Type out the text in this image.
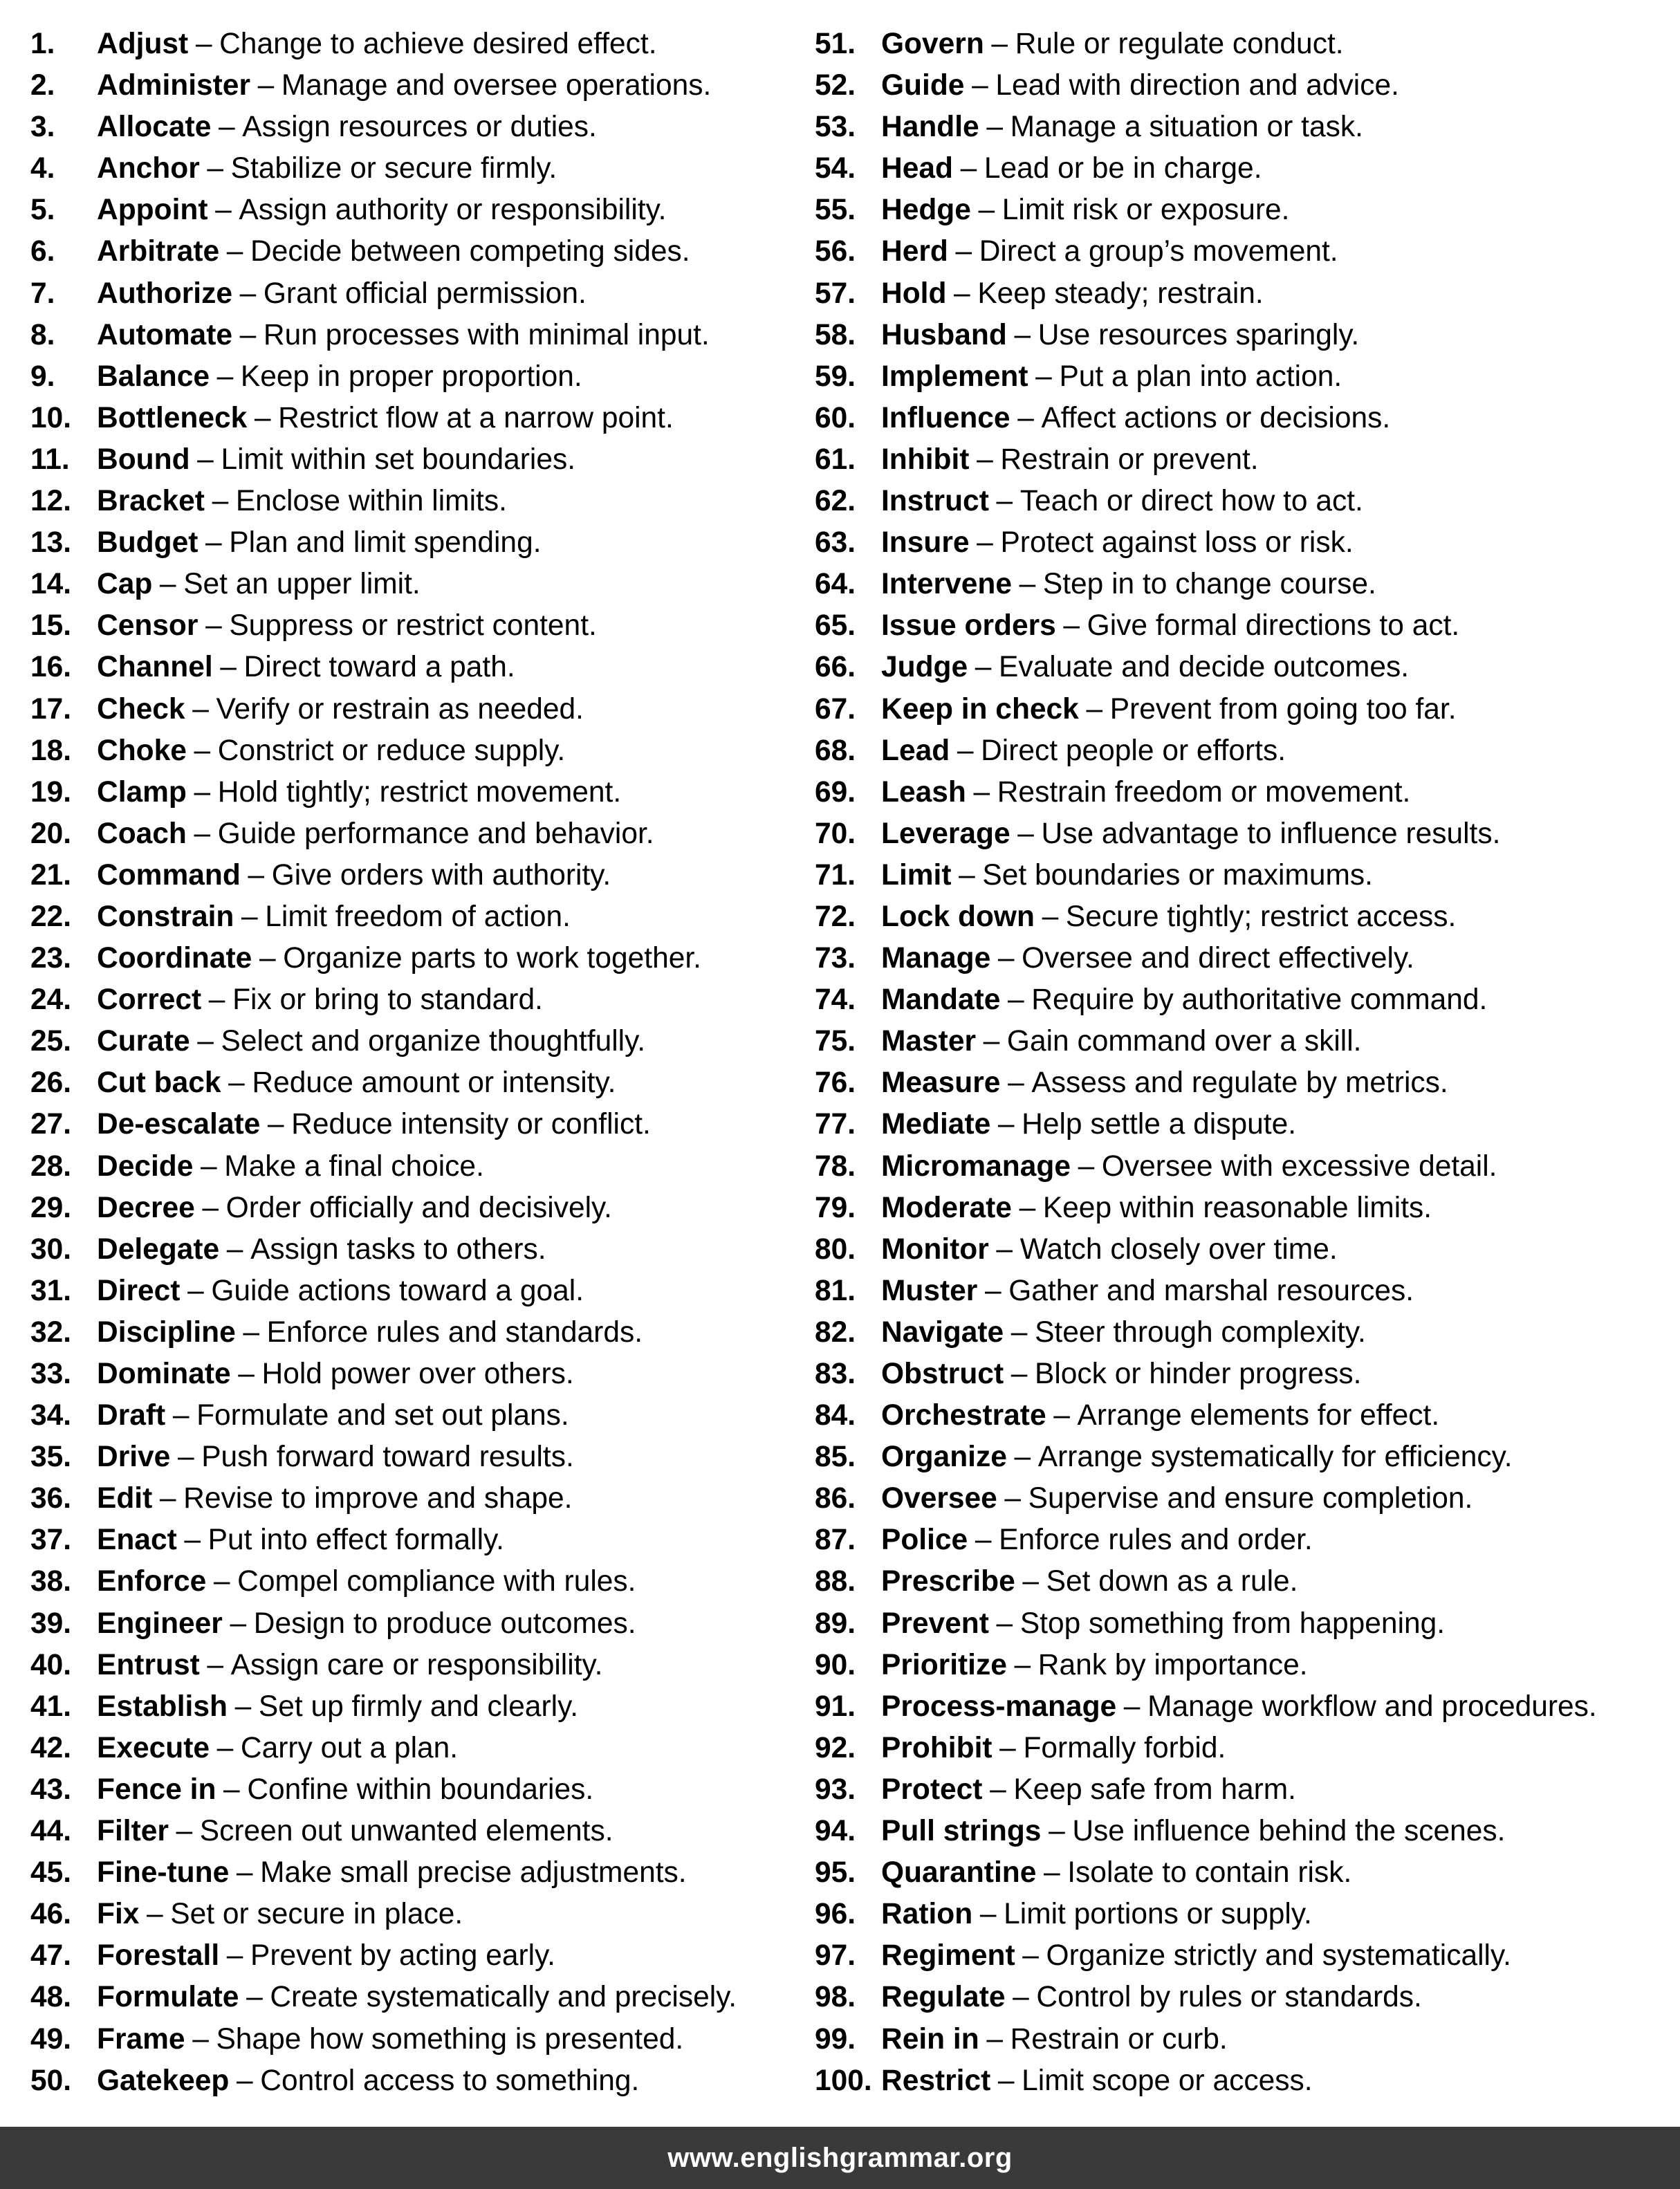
1.	Adjust – Change to achieve desired effect.
2.	Administer – Manage and oversee operations.
3.	Allocate – Assign resources or duties.
4.	Anchor – Stabilize or secure firmly.
5.	Appoint – Assign authority or responsibility.
6.	Arbitrate – Decide between competing sides.
7.	Authorize – Grant official permission.
8.	Automate – Run processes with minimal input.
9.	Balance – Keep in proper proportion.
10. Bottleneck – Restrict flow at a narrow point.
11. Bound – Limit within set boundaries.
12. Bracket – Enclose within limits.
13. Budget – Plan and limit spending.
14. Cap – Set an upper limit.
15. Censor – Suppress or restrict content.
16. Channel – Direct toward a path.
17. Check – Verify or restrain as needed.
18. Choke – Constrict or reduce supply.
19. Clamp – Hold tightly; restrict movement.
20. Coach – Guide performance and behavior.
21. Command – Give orders with authority.
22. Constrain – Limit freedom of action.
23. Coordinate – Organize parts to work together.
24. Correct – Fix or bring to standard.
25. Curate – Select and organize thoughtfully.
26. Cut back – Reduce amount or intensity.
27. De-escalate – Reduce intensity or conflict.
28. Decide – Make a final choice.
29. Decree – Order officially and decisively.
30. Delegate – Assign tasks to others.
31. Direct – Guide actions toward a goal.
32. Discipline – Enforce rules and standards.
33. Dominate – Hold power over others.
34. Draft – Formulate and set out plans.
35. Drive – Push forward toward results.
36. Edit – Revise to improve and shape.
37. Enact – Put into effect formally.
38. Enforce – Compel compliance with rules.
39. Engineer – Design to produce outcomes.
40. Entrust – Assign care or responsibility.
41. Establish – Set up firmly and clearly.
42. Execute – Carry out a plan.
43. Fence in – Confine within boundaries.
44. Filter – Screen out unwanted elements.
45. Fine-tune – Make small precise adjustments.
46. Fix – Set or secure in place.
47. Forestall – Prevent by acting early.
48. Formulate – Create systematically and precisely.
49. Frame – Shape how something is presented.
50. Gatekeep – Control access to something.
51. Govern – Rule or regulate conduct.
52. Guide – Lead with direction and advice.
53. Handle – Manage a situation or task.
54. Head – Lead or be in charge.
55. Hedge – Limit risk or exposure.
56. Herd – Direct a group’s movement.
57. Hold – Keep steady; restrain.
58. Husband – Use resources sparingly.
59. Implement – Put a plan into action.
60. Influence – Affect actions or decisions.
61. Inhibit – Restrain or prevent.
62. Instruct – Teach or direct how to act.
63. Insure – Protect against loss or risk.
64. Intervene – Step in to change course.
65. Issue orders – Give formal directions to act.
66. Judge – Evaluate and decide outcomes.
67. Keep in check – Prevent from going too far.
68. Lead – Direct people or efforts.
69. Leash – Restrain freedom or movement.
70. Leverage – Use advantage to influence results.
71. Limit – Set boundaries or maximums.
72. Lock down – Secure tightly; restrict access.
73. Manage – Oversee and direct effectively.
74. Mandate – Require by authoritative command.
75. Master – Gain command over a skill.
76. Measure – Assess and regulate by metrics.
77. Mediate – Help settle a dispute.
78. Micromanage – Oversee with excessive detail.
79. Moderate – Keep within reasonable limits.
80. Monitor – Watch closely over time.
81. Muster – Gather and marshal resources.
82. Navigate – Steer through complexity.
83. Obstruct – Block or hinder progress.
84. Orchestrate – Arrange elements for effect.
85. Organize – Arrange systematically for efficiency.
86. Oversee – Supervise and ensure completion.
87. Police – Enforce rules and order.
88. Prescribe – Set down as a rule.
89. Prevent – Stop something from happening.
90. Prioritize – Rank by importance.
91. Process-manage – Manage workflow and procedures.
92. Prohibit – Formally forbid.
93. Protect – Keep safe from harm.
94. Pull strings – Use influence behind the scenes.
95. Quarantine – Isolate to contain risk.
96. Ration – Limit portions or supply.
97. Regiment – Organize strictly and systematically.
98. Regulate – Control by rules or standards.
99. Rein in – Restrain or curb.
100. Restrict – Limit scope or access.
www.englishgrammar.org
